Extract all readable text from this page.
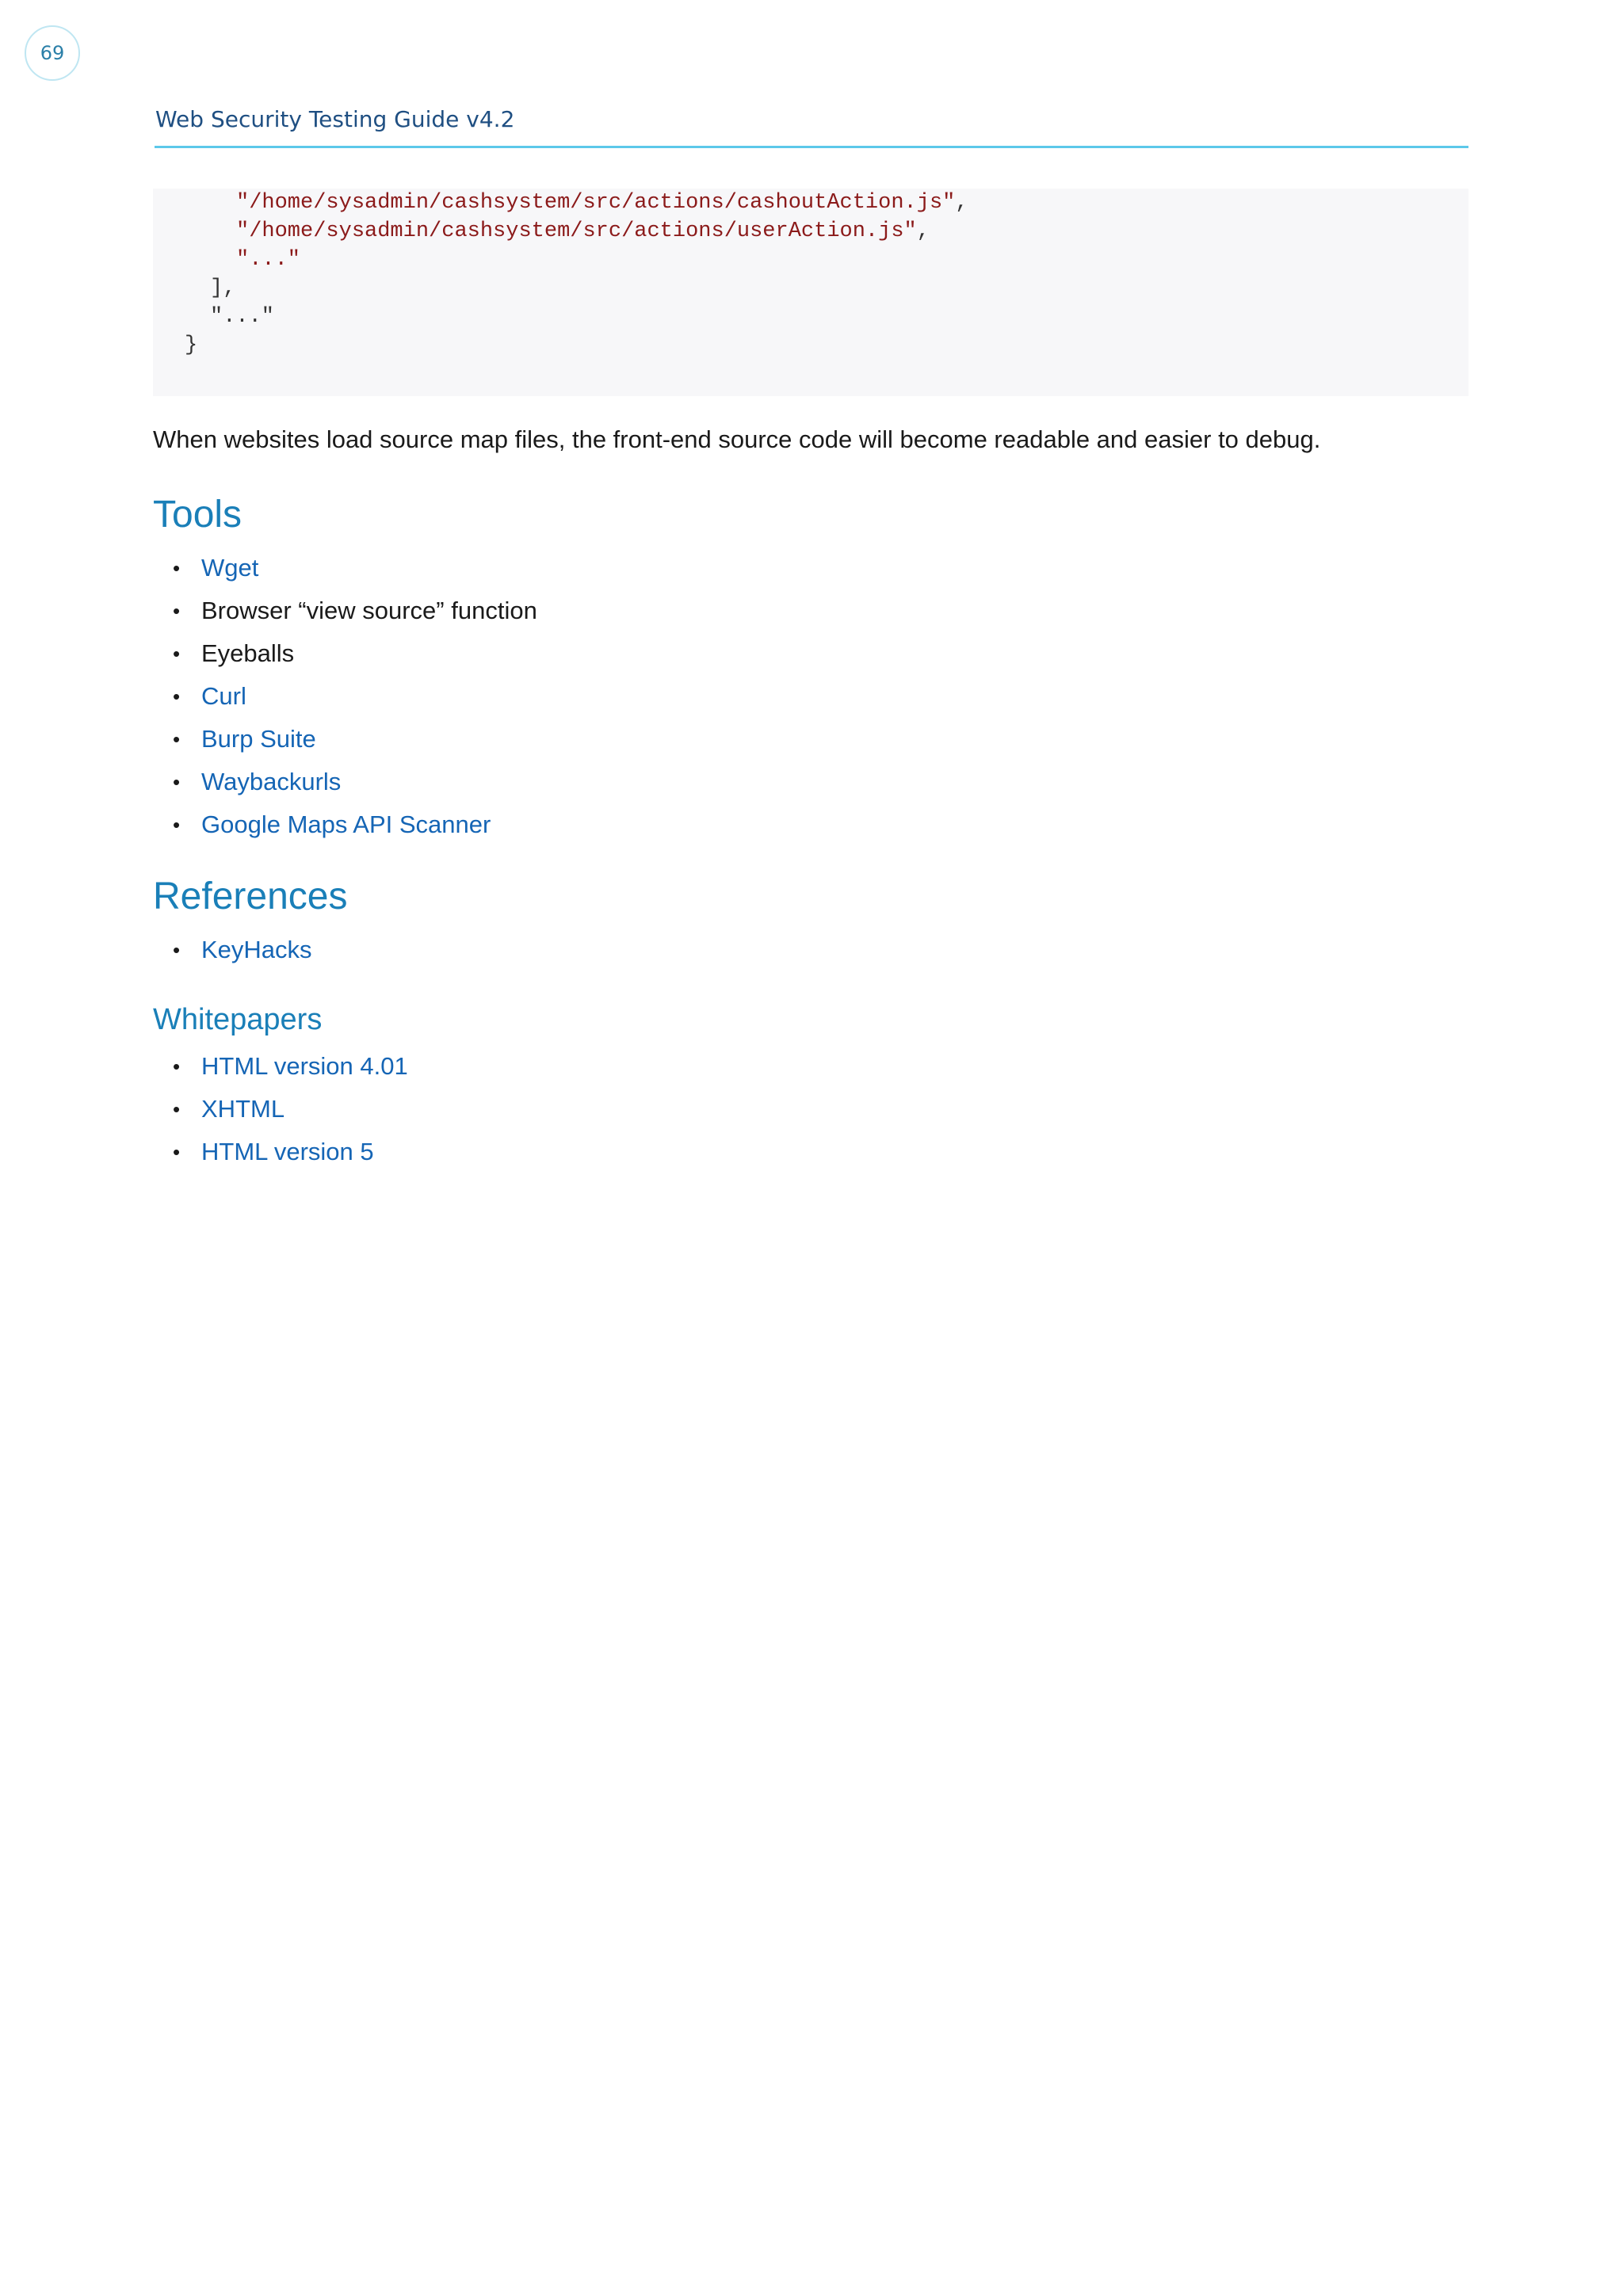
69
Web Security Testing Guide v4.2
"/home/sysadmin/cashsystem/src/actions/cashoutAction.js",
"/home/sysadmin/cashsystem/src/actions/userAction.js",
"..."
],
"..."
}
When websites load source map files, the front-end source code will become readable and easier to debug.
Tools
• Wget
• Browser “view source” function
• Eyeballs
• Curl
• Burp Suite
• Waybackurls
• Google Maps API Scanner
References
• KeyHacks
Whitepapers
• HTML version 4.01
• XHTML
• HTML version 5
